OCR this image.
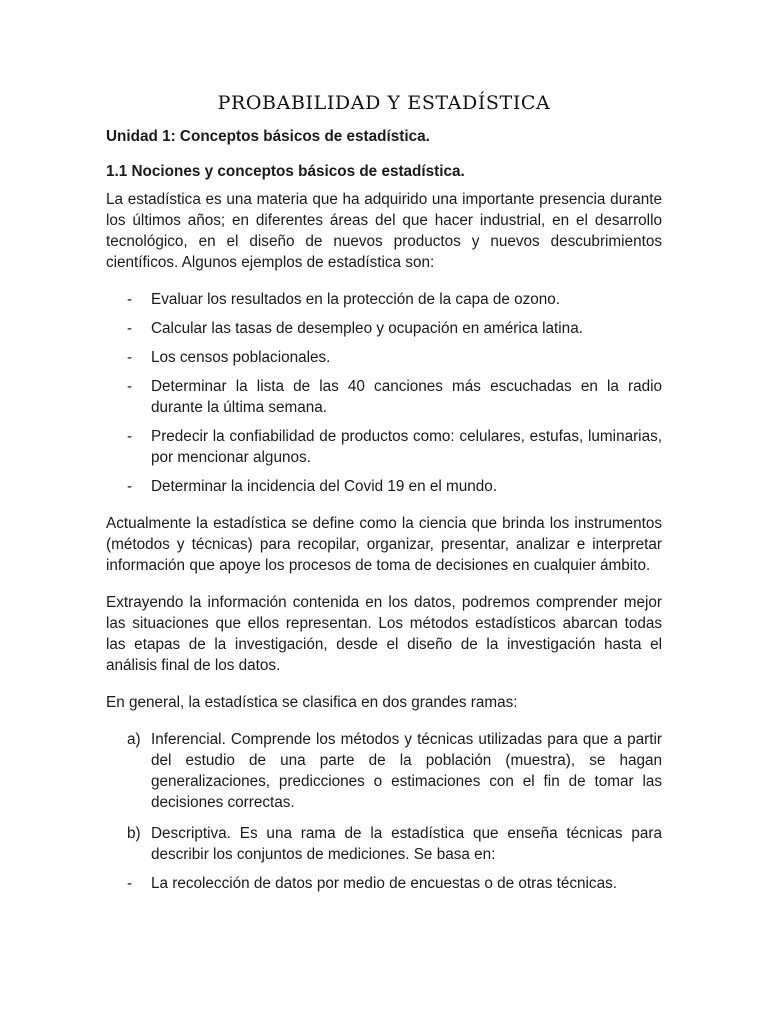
PROBABILIDAD Y ESTADÍSTICA
Unidad 1: Conceptos básicos de estadística.
1.1 Nociones y conceptos básicos de estadística.

La estadística es una materia que ha adquirido una importante presencia durante los últimos años; en diferentes áreas del que hacer industrial, en el desarrollo tecnológico, en el diseño de nuevos productos y nuevos descubrimientos científicos. Algunos ejemplos de estadística son:

- Evaluar los resultados en la protección de la capa de ozono.
- Calcular las tasas de desempleo y ocupación en américa latina.
- Los censos poblacionales.
- Determinar la lista de las 40 canciones más escuchadas en la radio durante la última semana.
- Predecir la confiabilidad de productos como: celulares, estufas, luminarias, por mencionar algunos.
- Determinar la incidencia del Covid 19 en el mundo.

Actualmente la estadística se define como la ciencia que brinda los instrumentos (métodos y técnicas) para recopilar, organizar, presentar, analizar e interpretar información que apoye los procesos de toma de decisiones en cualquier ámbito.

Extrayendo la información contenida en los datos, podremos comprender mejor las situaciones que ellos representan. Los métodos estadísticos abarcan todas las etapas de la investigación, desde el diseño de la investigación hasta el análisis final de los datos.

En general, la estadística se clasifica en dos grandes ramas:

a) Inferencial. Comprende los métodos y técnicas utilizadas para que a partir del estudio de una parte de la población (muestra), se hagan generalizaciones, predicciones o estimaciones con el fin de tomar las decisiones correctas.
b) Descriptiva. Es una rama de la estadística que enseña técnicas para describir los conjuntos de mediciones. Se basa en:
- La recolección de datos por medio de encuestas o de otras técnicas.
